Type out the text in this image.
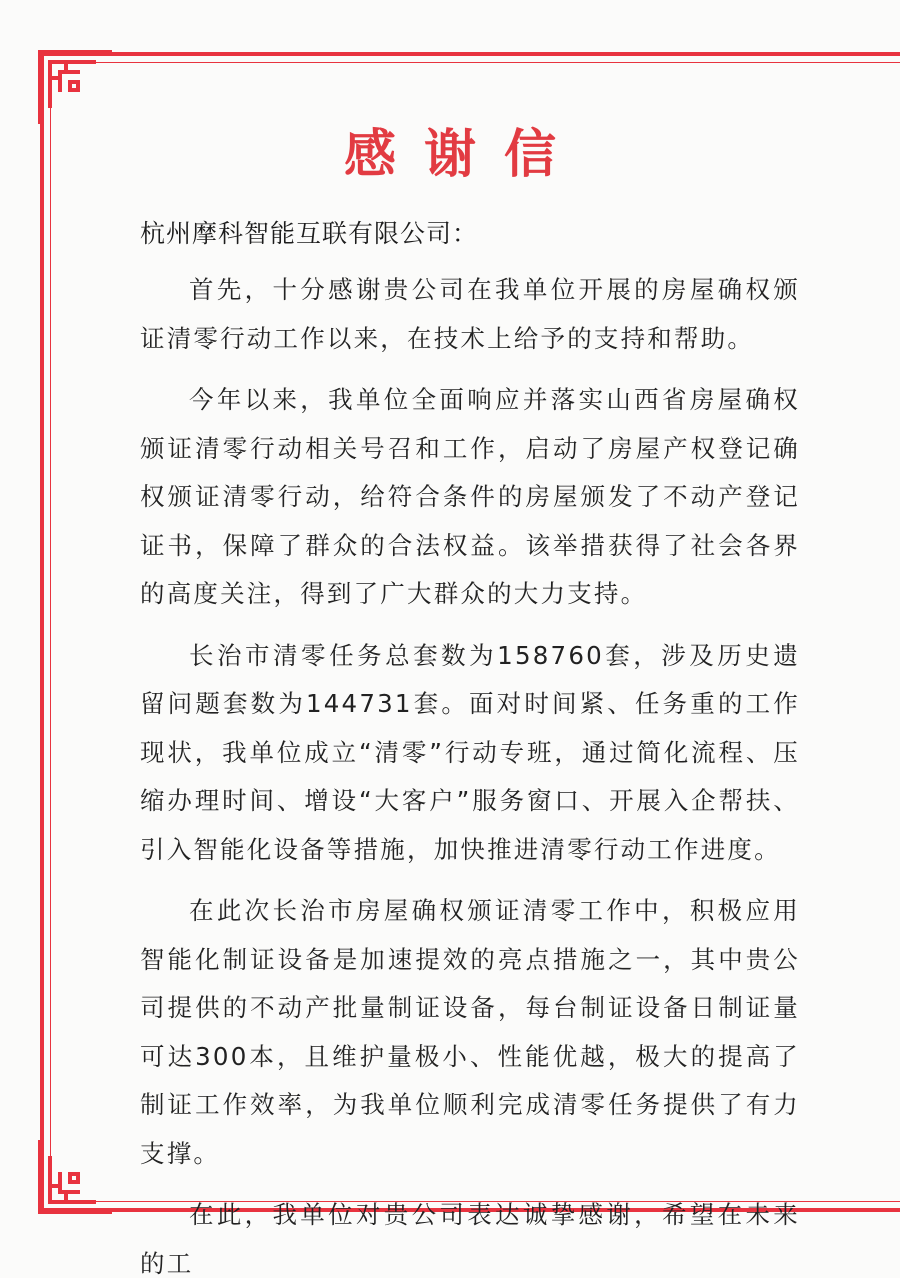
感谢信
杭州摩科智能互联有限公司：

首先，十分感谢贵公司在我单位开展的房屋确权颁证清零行动工作以来，在技术上给予的支持和帮助。

今年以来，我单位全面响应并落实山西省房屋确权颁证清零行动相关号召和工作，启动了房屋产权登记确权颁证清零行动，给符合条件的房屋颁发了不动产登记证书，保障了群众的合法权益。该举措获得了社会各界的高度关注，得到了广大群众的大力支持。

长治市清零任务总套数为158760套，涉及历史遗留问题套数为144731套。面对时间紧、任务重的工作现状，我单位成立“清零”行动专班，通过简化流程、压缩办理时间、增设“大客户”服务窗口、开展入企帮扶、引入智能化设备等措施，加快推进清零行动工作进度。

在此次长治市房屋确权颁证清零工作中，积极应用智能化制证设备是加速提效的亮点措施之一，其中贵公司提供的不动产批量制证设备，每台制证设备日制证量可达300本，且维护量极小、性能优越，极大的提高了制证工作效率，为我单位顺利完成清零任务提供了有力支撑。

在此，我单位对贵公司表达诚挚感谢，希望在未来的工
